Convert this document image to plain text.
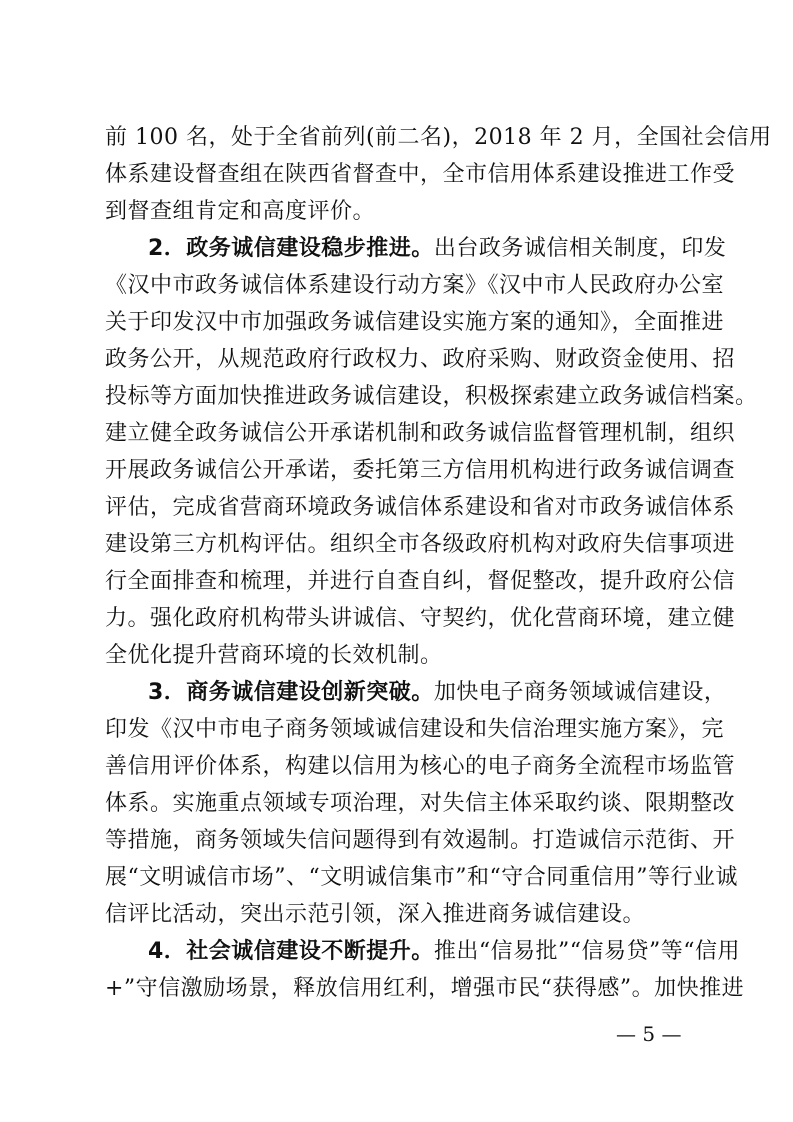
前 100 名，处于全省前列(前二名)，2018 年 2 月，全国社会信用
体系建设督查组在陕西省督查中，全市信用体系建设推进工作受
到督查组肯定和高度评价。
2．政务诚信建设稳步推进。出台政务诚信相关制度，印发
《汉中市政务诚信体系建设行动方案》《汉中市人民政府办公室
关于印发汉中市加强政务诚信建设实施方案的通知》，全面推进
政务公开，从规范政府行政权力、政府采购、财政资金使用、招
投标等方面加快推进政务诚信建设，积极探索建立政务诚信档案。
建立健全政务诚信公开承诺机制和政务诚信监督管理机制，组织
开展政务诚信公开承诺，委托第三方信用机构进行政务诚信调查
评估，完成省营商环境政务诚信体系建设和省对市政务诚信体系
建设第三方机构评估。组织全市各级政府机构对政府失信事项进
行全面排查和梳理，并进行自查自纠，督促整改，提升政府公信
力。强化政府机构带头讲诚信、守契约，优化营商环境，建立健
全优化提升营商环境的长效机制。
3．商务诚信建设创新突破。加快电子商务领域诚信建设，
印发《汉中市电子商务领域诚信建设和失信治理实施方案》，完
善信用评价体系，构建以信用为核心的电子商务全流程市场监管
体系。实施重点领域专项治理，对失信主体采取约谈、限期整改
等措施，商务领域失信问题得到有效遏制。打造诚信示范街、开
展“文明诚信市场”、“文明诚信集市”和“守合同重信用”等行业诚
信评比活动，突出示范引领，深入推进商务诚信建设。
4．社会诚信建设不断提升。推出“信易批”“信易贷”等“信用
+”守信激励场景，释放信用红利，增强市民“获得感”。加快推进
— 5 —
